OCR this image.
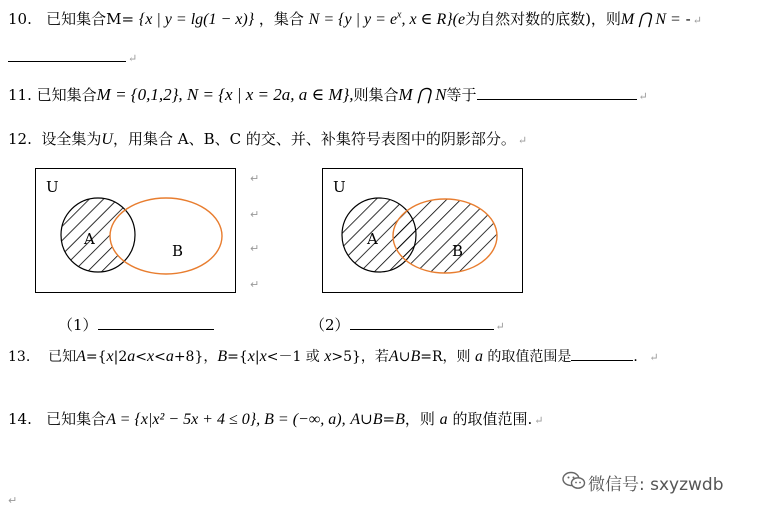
10. 已知集合M= {x | y = lg(1 − x)} ，集合 N = {y | $y = e^x$, x ∈ R}(e为自然对数的底数)，则M ⋂ N = - ↵
↵
11. 已知集合M = {0,1,2}, N = {x | x = 2a, a ∈ M},则集合M ⋂ N等于	↵
12. 设全集为U，用集合 A、B、C 的交、并、补集符号表图中的阴影部分。 ↵
U
A
B
U
A
B
↵
↵
↵
↵
（1）	（2）	↵
13. 已知A={x|2a<x<a+8}，B={x|x<－1 或 x>5}，若A∪B=R，则 a 的取值范围是	． ↵
14. 已知集合A = {x|x² − 5x + 4 ≤ 0}, B = (−∞, a), A∪B=B，则 a 的取值范围. ↵
↵
微信号: sxyzwdb
